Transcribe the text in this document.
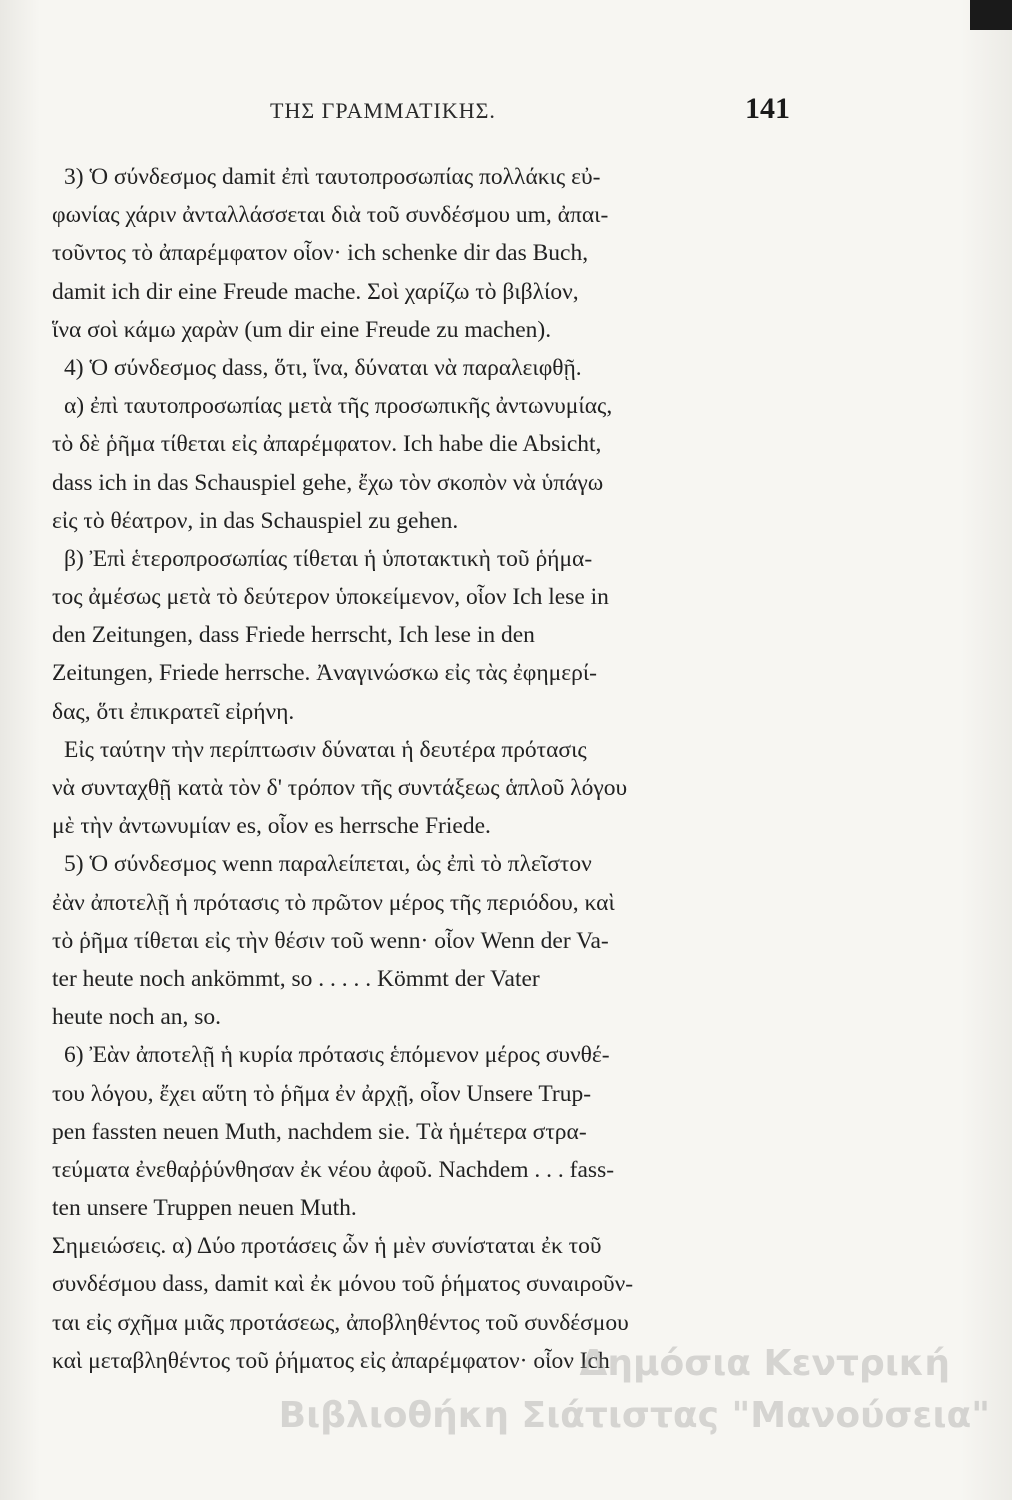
ΤΗΣ ΓΡΑΜΜΑΤΙΚΗΣ.	141
3) Ὁ σύνδεσμος damit ἐπὶ ταυτοπροσωπίας πολλάκις εὐ-
φωνίας χάριν ἀνταλλάσσεται διὰ τοῦ συνδέσμου um, ἀπαι-
τοῦντος τὸ ἀπαρέμφατον οἷον· ich schenke dir das Buch,
damit ich dir eine Freude mache. Σοὶ χαρίζω τὸ βιβλίον,
ἵνα σοὶ κάμω χαρὰν (um dir eine Freude zu machen).
4) Ὁ σύνδεσμος dass, ὅτι, ἵνα, δύναται νὰ παραλειφθῇ.
α) ἐπὶ ταυτοπροσωπίας μετὰ τῆς προσωπικῆς ἀντωνυμίας,
τὸ δὲ ῥῆμα τίθεται εἰς ἀπαρέμφατον. Ich habe die Absicht,
dass ich in das Schauspiel gehe, ἔχω τὸν σκοπὸν νὰ ὑπάγω
εἰς τὸ θέατρον, in das Schauspiel zu gehen.
β) Ἐπὶ ἑτεροπροσωπίας τίθεται ἡ ὑποτακτικὴ τοῦ ῥήμα-
τος ἀμέσως μετὰ τὸ δεύτερον ὑποκείμενον, οἷον Ich lese in
den Zeitungen, dass Friede herrscht, Ich lese in den
Zeitungen, Friede herrsche. Ἀναγινώσκω εἰς τὰς ἐφημερί-
δας, ὅτι ἐπικρατεῖ εἰρήνη.
Εἰς ταύτην τὴν περίπτωσιν δύναται ἡ δευτέρα πρότασις
νὰ συνταχθῇ κατὰ τὸν δ' τρόπον τῆς συντάξεως ἁπλοῦ λόγου
μὲ τὴν ἀντωνυμίαν es, οἷον es herrsche Friede.
5) Ὁ σύνδεσμος wenn παραλείπεται, ὡς ἐπὶ τὸ πλεῖστον
ἐὰν ἀποτελῇ ἡ πρότασις τὸ πρῶτον μέρος τῆς περιόδου, καὶ
τὸ ῥῆμα τίθεται εἰς τὴν θέσιν τοῦ wenn· οἷον Wenn der Va-
ter heute noch ankömmt, so . . . . . Kömmt der Vater
heute noch an, so.
6) Ἐὰν ἀποτελῇ ἡ κυρία πρότασις ἑπόμενον μέρος συνθέ-
του λόγου, ἔχει αὕτη τὸ ῥῆμα ἐν ἀρχῇ, οἷον Unsere Trup-
pen fassten neuen Muth, nachdem sie. Τὰ ἡμέτερα στρα-
τεύματα ἐνεθαῤῥύνθησαν ἐκ νέου ἀφοῦ. Nachdem . . . fass-
ten unsere Truppen neuen Muth.
Σημειώσεις. α) Δύο προτάσεις ὧν ἡ μὲν συνίσταται ἐκ τοῦ
συνδέσμου dass, damit καὶ ἐκ μόνου τοῦ ῥήματος συναιροῦν-
ται εἰς σχῆμα μιᾶς προτάσεως, ἀποβληθέντος τοῦ συνδέσμου
καὶ μεταβληθέντος τοῦ ῥήματος εἰς ἀπαρέμφατον· οἷον Ich
Δημόσια Κεντρική
Βιβλιοθήκη Σιάτιστας "Μανούσεια"
